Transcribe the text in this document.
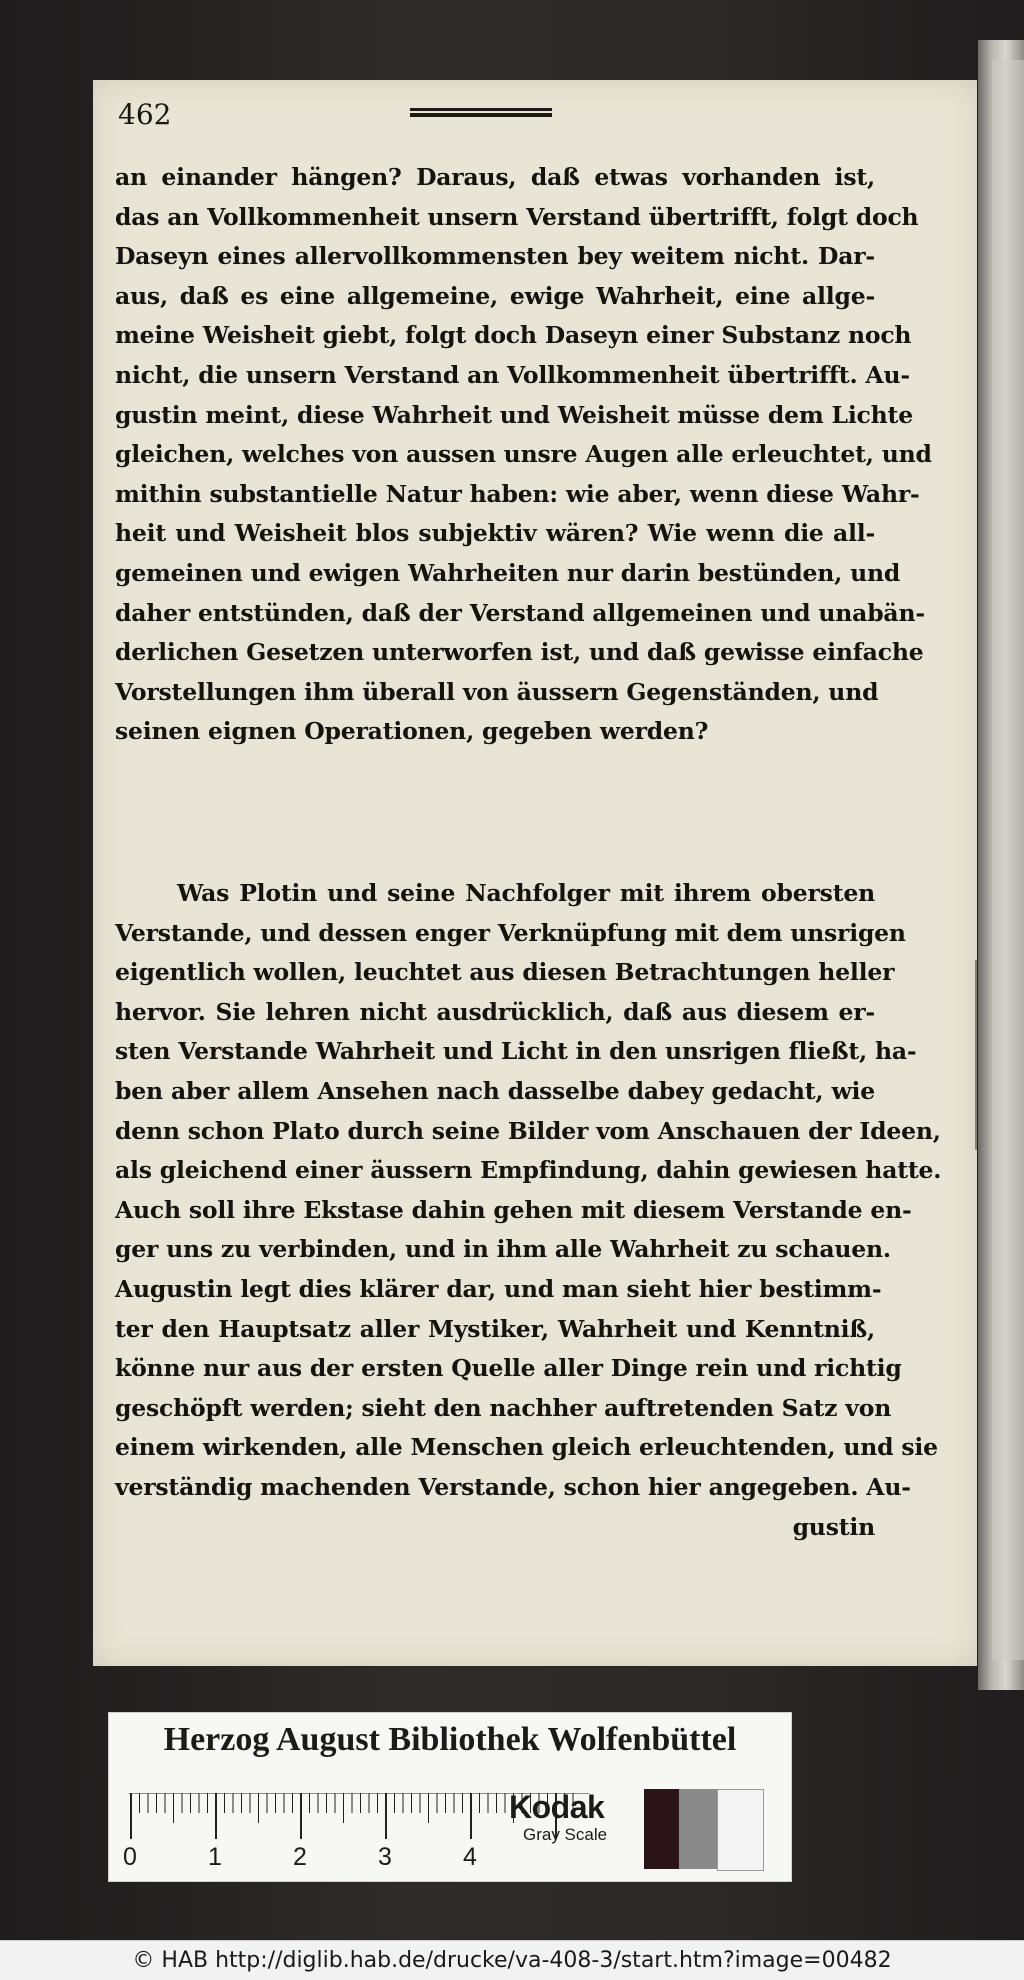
462
an einander hängen? Daraus, daß etwas vorhanden ist,
das an Vollkommenheit unsern Verstand übertrifft, folgt doch
Daseyn eines allervollkommensten bey weitem nicht. Dar-
aus, daß es eine allgemeine, ewige Wahrheit, eine allge-
meine Weisheit giebt, folgt doch Daseyn einer Substanz noch
nicht, die unsern Verstand an Vollkommenheit übertrifft. Au-
gustin meint, diese Wahrheit und Weisheit müsse dem Lichte
gleichen, welches von aussen unsre Augen alle erleuchtet, und
mithin substantielle Natur haben: wie aber, wenn diese Wahr-
heit und Weisheit blos subjektiv wären? Wie wenn die all-
gemeinen und ewigen Wahrheiten nur darin bestünden, und
daher entstünden, daß der Verstand allgemeinen und unabän-
derlichen Gesetzen unterworfen ist, und daß gewisse einfache
Vorstellungen ihm überall von äussern Gegenständen, und
seinen eignen Operationen, gegeben werden?
Was Plotin und seine Nachfolger mit ihrem obersten
Verstande, und dessen enger Verknüpfung mit dem unsrigen
eigentlich wollen, leuchtet aus diesen Betrachtungen heller
hervor. Sie lehren nicht ausdrücklich, daß aus diesem er-
sten Verstande Wahrheit und Licht in den unsrigen fließt, ha-
ben aber allem Ansehen nach dasselbe dabey gedacht, wie
denn schon Plato durch seine Bilder vom Anschauen der Ideen,
als gleichend einer äussern Empfindung, dahin gewiesen hatte.
Auch soll ihre Ekstase dahin gehen mit diesem Verstande en-
ger uns zu verbinden, und in ihm alle Wahrheit zu schauen.
Augustin legt dies klärer dar, und man sieht hier bestimm-
ter den Hauptsatz aller Mystiker, Wahrheit und Kenntniß,
könne nur aus der ersten Quelle aller Dinge rein und richtig
geschöpft werden; sieht den nachher auftretenden Satz von
einem wirkenden, alle Menschen gleich erleuchtenden, und sie
verständig machenden Verstande, schon hier angegeben. Au-
gustin
Herzog August Bibliothek Wolfenbüttel
0	1	2	3	4
Kodak
Gray Scale
© HAB http://diglib.hab.de/drucke/va-408-3/start.htm?image=00482
